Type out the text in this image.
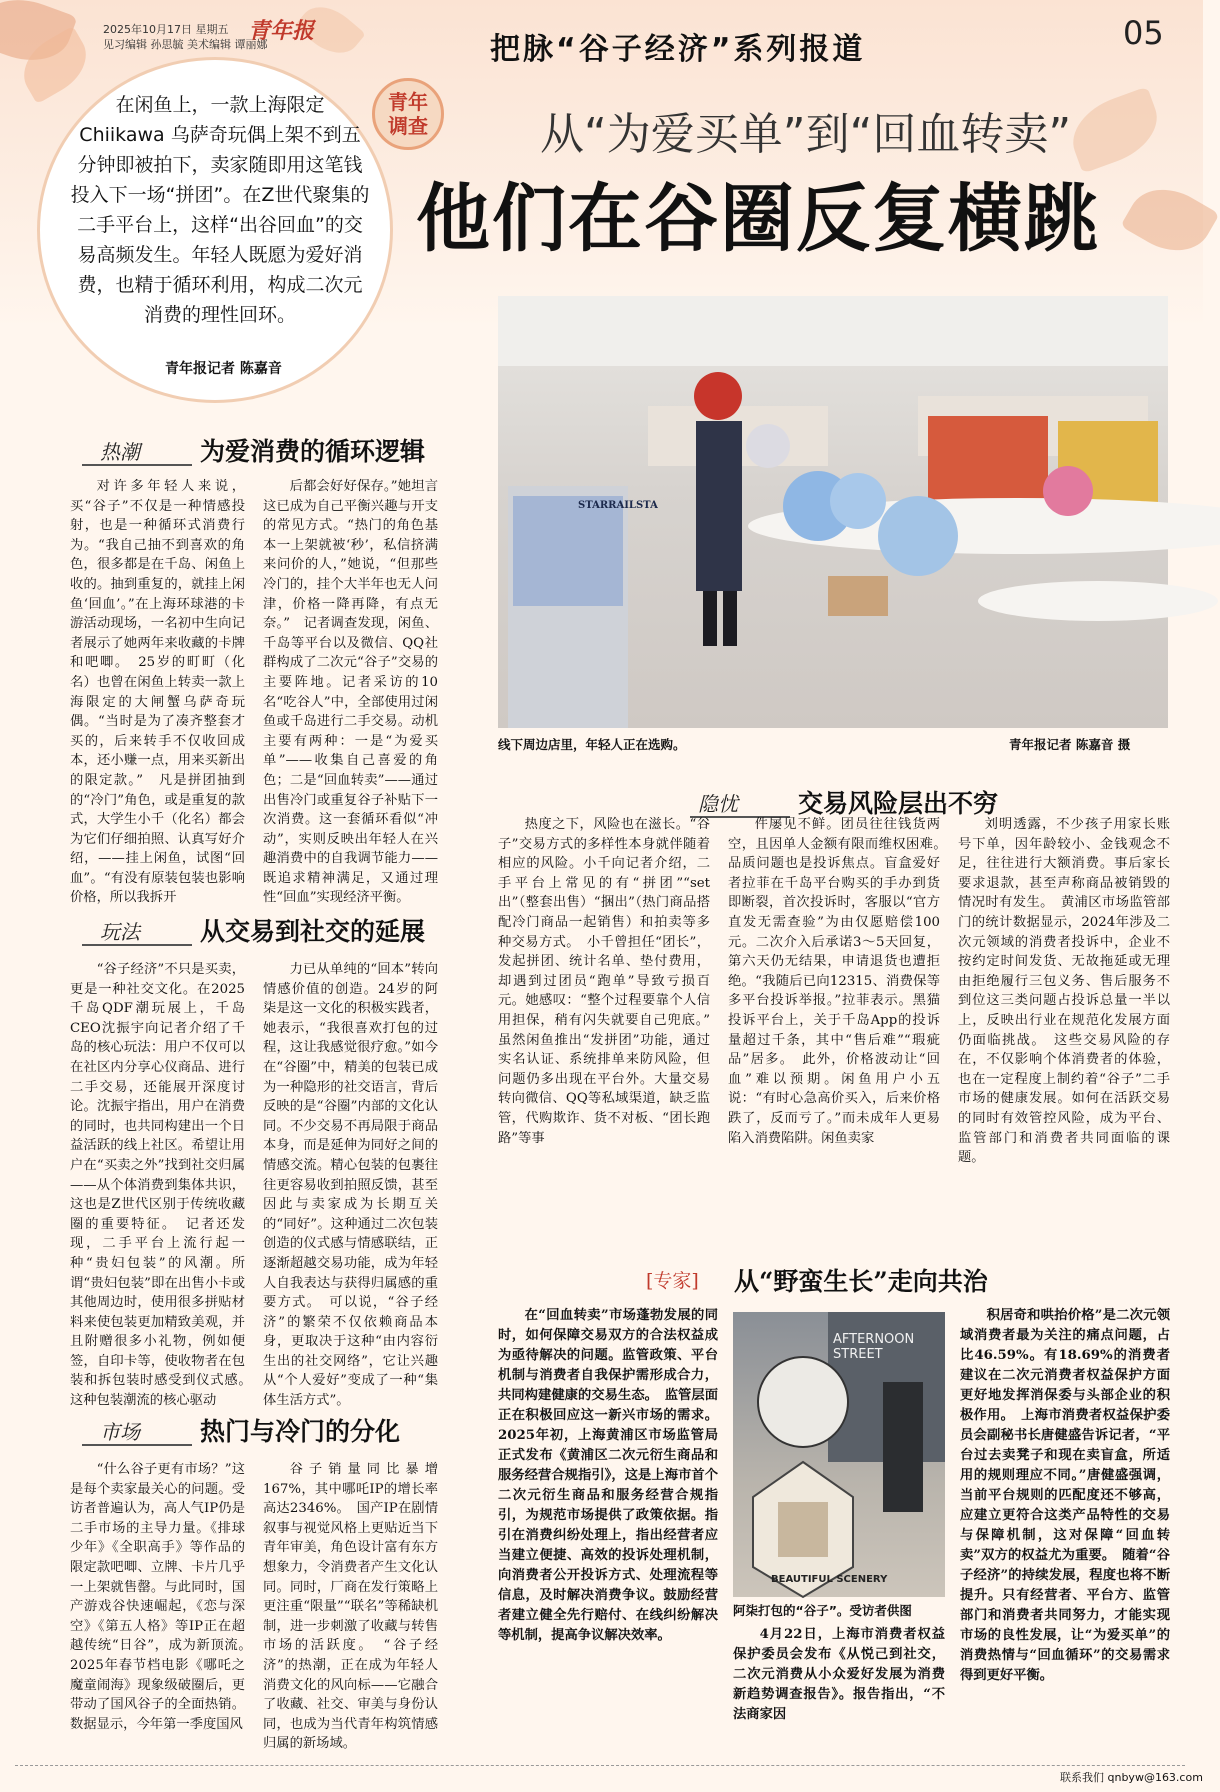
2025年10月17日 星期五
见习编辑 孙思毓 美术编辑 谭丽娜
青年报
把脉“谷子经济”系列报道	05
在闲鱼上，一款上海限定 Chiikawa 乌萨奇玩偶上架不到五分钟即被拍下，卖家随即用这笔钱投入下一场“拼团”。在Z世代聚集的二手平台上，这样“出谷回血”的交易高频发生。年轻人既愿为爱好消费，也精于循环利用，构成二次元消费的理性回环。
青年报记者 陈嘉音
青年
调查	从“为爱买单”到“回血转卖”
他们在谷圈反复横跳
热潮 为爱消费的循环逻辑
对许多年轻人来说，买“谷子”不仅是一种情感投射，也是一种循环式消费行为。“我自己抽不到喜欢的角色，很多都是在千岛、闲鱼上收的。抽到重复的，就挂上闲鱼‘回血’。”在上海环球港的卡游活动现场，一名初中生向记者展示了她两年来收藏的卡牌和吧唧。　25岁的町町（化名）也曾在闲鱼上转卖一款上海限定的大闸蟹乌萨奇玩偶。“当时是为了凑齐整套才买的，后来转手不仅收回成本，还小赚一点，用来买新出的限定款。”　凡是拼团抽到的“冷门”角色，或是重复的款式，大学生小千（化名）都会为它们仔细拍照、认真写好介绍，——挂上闲鱼，试图“回血”。“有没有原装包装也影响价格，所以我拆开
后都会好好保存。”她坦言这已成为自己平衡兴趣与开支的常见方式。“热门的角色基本一上架就被‘秒’，私信挤满来问价的人，”她说，“但那些冷门的，挂个大半年也无人问津，价格一降再降，有点无奈。”　记者调查发现，闲鱼、千岛等平台以及微信、QQ社群构成了二次元“谷子”交易的主要阵地。记者采访的10名“吃谷人”中，全部使用过闲鱼或千岛进行二手交易。动机主要有两种：一是“为爱买单”——收集自己喜爱的角色；二是“回血转卖”——通过出售冷门或重复谷子补贴下一次消费。这一套循环看似“冲动”，实则反映出年轻人在兴趣消费中的自我调节能力——既追求精神满足，又通过理性“回血”实现经济平衡。
玩法 从交易到社交的延展
“谷子经济”不只是买卖，更是一种社交文化。在2025千岛QDF潮玩展上，千岛CEO沈振宇向记者介绍了千岛的核心玩法：用户不仅可以在社区内分享心仪商品、进行二手交易，还能展开深度讨论。沈振宇指出，用户在消费的同时，也共同构建出一个日益活跃的线上社区。希望让用户在“买卖之外”找到社交归属——从个体消费到集体共识，这也是Z世代区别于传统收藏圈的重要特征。　记者还发现，二手平台上流行起一种“贵妇包装”的风潮。所谓“贵妇包装”即在出售小卡或其他周边时，使用很多拼贴材料来使包装更加精致美观，并且附赠很多小礼物，例如便签，自印卡等，使收物者在包装和拆包装时感受到仪式感。　这种包装潮流的核心驱动
力已从单纯的“回本”转向情感价值的创造。24岁的阿柒是这一文化的积极实践者，她表示，“我很喜欢打包的过程，这让我感觉很疗愈。”如今在“谷圈”中，精美的包装已成为一种隐形的社交语言，背后反映的是“谷圈”内部的文化认同。不少交易不再局限于商品本身，而是延伸为同好之间的情感交流。精心包装的包裹往往更容易收到拍照反馈，甚至因此与卖家成为长期互关的“同好”。这种通过二次包装创造的仪式感与情感联结，正逐渐超越交易功能，成为年轻人自我表达与获得归属感的重要方式。　可以说，“谷子经济”的繁荣不仅依赖商品本身，更取决于这种“由内容衍生出的社交网络”，它让兴趣从“个人爱好”变成了一种“集体生活方式”。
市场 热门与冷门的分化
“什么谷子更有市场？”这是每个卖家最关心的问题。受访者普遍认为，高人气IP仍是二手市场的主导力量。《排球少年》《全职高手》等作品的限定款吧唧、立牌、卡片几乎一上架就售罄。与此同时，国产游戏谷快速崛起，《恋与深空》《第五人格》等IP正在超越传统“日谷”，成为新顶流。　2025年春节档电影《哪吒之魔童闹海》现象级破圈后，更带动了国风谷子的全面热销。数据显示，今年第一季度国风
谷子销量同比暴增167%，其中哪吒IP的增长率高达2346%。　国产IP在剧情叙事与视觉风格上更贴近当下青年审美，角色设计富有东方想象力，令消费者产生文化认同。同时，厂商在发行策略上更注重“限量”“联名”等稀缺机制，进一步刺激了收藏与转售市场的活跃度。　“谷子经济”的热潮，正在成为年轻人消费文化的风向标——它融合了收藏、社交、审美与身份认同，也成为当代青年构筑情感归属的新场域。
STARRAILSTA
线下周边店里，年轻人正在选购。	青年报记者 陈嘉音 摄
隐忧 交易风险层出不穷
热度之下，风险也在滋长。“谷子”交易方式的多样性本身就伴随着相应的风险。小千向记者介绍，二手平台上常见的有“拼团”“set出”（整套出售）“捆出”（热门商品搭配冷门商品一起销售）和拍卖等多种交易方式。　小千曾担任“团长”，发起拼团、统计名单、垫付费用，却遇到过团员“跑单”导致亏损百元。她感叹：“整个过程要靠个人信用担保，稍有闪失就要自己兜底。”　虽然闲鱼推出“发拼团”功能，通过实名认证、系统排单来防风险，但问题仍多出现在平台外。大量交易转向微信、QQ等私域渠道，缺乏监管，代购欺诈、货不对板、“团长跑路”等事
件屡见不鲜。团员往往钱货两空，且因单人金额有限而维权困难。　品质问题也是投诉焦点。盲盒爱好者拉菲在千岛平台购买的手办到货即断裂，首次投诉时，客服以“官方直发无需查验”为由仅愿赔偿100元。二次介入后承诺3～5天回复，第六天仍无结果，申请退货也遭拒绝。“我随后已向12315、消费保等多平台投诉举报。”拉菲表示。黑猫投诉平台上，关于千岛App的投诉量超过千条，其中“售后难”“瑕疵品”居多。　此外，价格波动让“回血”难以预期。闲鱼用户小五说：“有时心急高价买入，后来价格跌了，反而亏了。”而未成年人更易陷入消费陷阱。闲鱼卖家
刘明透露，不少孩子用家长账号下单，因年龄较小、金钱观念不足，往往进行大额消费。事后家长要求退款，甚至声称商品被销毁的情况时有发生。　黄浦区市场监管部门的统计数据显示，2024年涉及二次元领域的消费者投诉中，企业不按约定时间发货、无故拖延或无理由拒绝履行三包义务、售后服务不到位这三类问题占投诉总量一半以上，反映出行业在规范化发展方面仍面临挑战。　这些交易风险的存在，不仅影响个体消费者的体验，也在一定程度上制约着“谷子”二手市场的健康发展。如何在活跃交易的同时有效管控风险，成为平台、监管部门和消费者共同面临的课题。
[专家] 从“野蛮生长”走向共治
在“回血转卖”市场蓬勃发展的同时，如何保障交易双方的合法权益成为亟待解决的问题。监管政策、平台机制与消费者自我保护需形成合力，共同构建健康的交易生态。　监管层面正在积极回应这一新兴市场的需求。2025年初，上海黄浦区市场监管局正式发布《黄浦区二次元衍生商品和服务经营合规指引》，这是上海市首个二次元衍生商品和服务经营合规指引，为规范市场提供了政策依据。指引在消费纠纷处理上，指出经营者应当建立便捷、高效的投诉处理机制，向消费者公开投诉方式、处理流程等信息，及时解决消费争议。鼓励经营者建立健全先行赔付、在线纠纷解决等机制，提高争议解决效率。
AFTERNOON STREET
BEAUTIFUL SCENERY
阿柒打包的“谷子”。受访者供图
4月22日，上海市消费者权益保护委员会发布《从悦己到社交，二次元消费从小众爱好发展为消费新趋势调查报告》。报告指出，“不法商家因
积居奇和哄抬价格”是二次元领域消费者最为关注的痛点问题，占比46.59%。有18.69%的消费者建议在二次元消费者权益保护方面更好地发挥消保委与头部企业的积极作用。　上海市消费者权益保护委员会副秘书长唐健盛告诉记者，“平台过去卖凳子和现在卖盲盒，所适用的规则理应不同。”唐健盛强调，当前平台规则的匹配度还不够高，应建立更符合这类产品特性的交易与保障机制，这对保障“回血转卖”双方的权益尤为重要。　随着“谷子经济”的持续发展，程度也将不断提升。只有经营者、平台方、监管部门和消费者共同努力，才能实现市场的良性发展，让“为爱买单”的消费热情与“回血循环”的交易需求得到更好平衡。
联系我们 qnbyw@163.com
